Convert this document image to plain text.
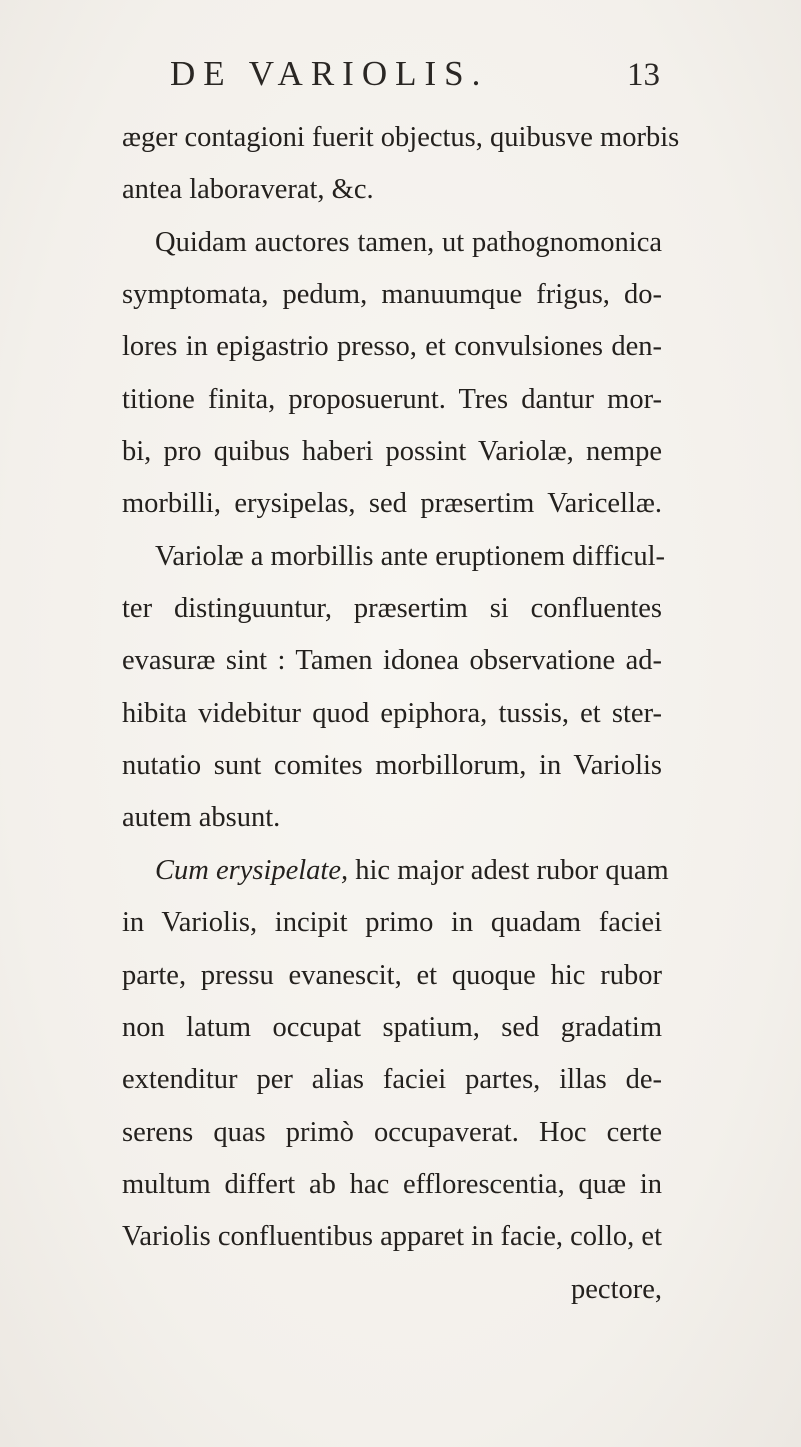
DE VARIOLIS.	13
æger contagioni fuerit objectus, quibusve morbis
antea laboraverat, &c.
Quidam auctores tamen, ut pathognomonica
symptomata, pedum, manuumque frigus, do-
lores in epigastrio presso, et convulsiones den-
titione finita, proposuerunt. Tres dantur mor-
bi, pro quibus haberi possint Variolæ, nempe
morbilli, erysipelas, sed præsertim Varicellæ.
Variolæ a morbillis ante eruptionem difficul-
ter distinguuntur, præsertim si confluentes
evasuræ sint : Tamen idonea observatione ad-
hibita videbitur quod epiphora, tussis, et ster-
nutatio sunt comites morbillorum, in Variolis
autem absunt.
Cum erysipelate, hic major adest rubor quam
in Variolis, incipit primo in quadam faciei
parte, pressu evanescit, et quoque hic rubor
non latum occupat spatium, sed gradatim
extenditur per alias faciei partes, illas de-
serens quas primò occupaverat. Hoc certe
multum differt ab hac efflorescentia, quæ in
Variolis confluentibus apparet in facie, collo, et
pectore,
